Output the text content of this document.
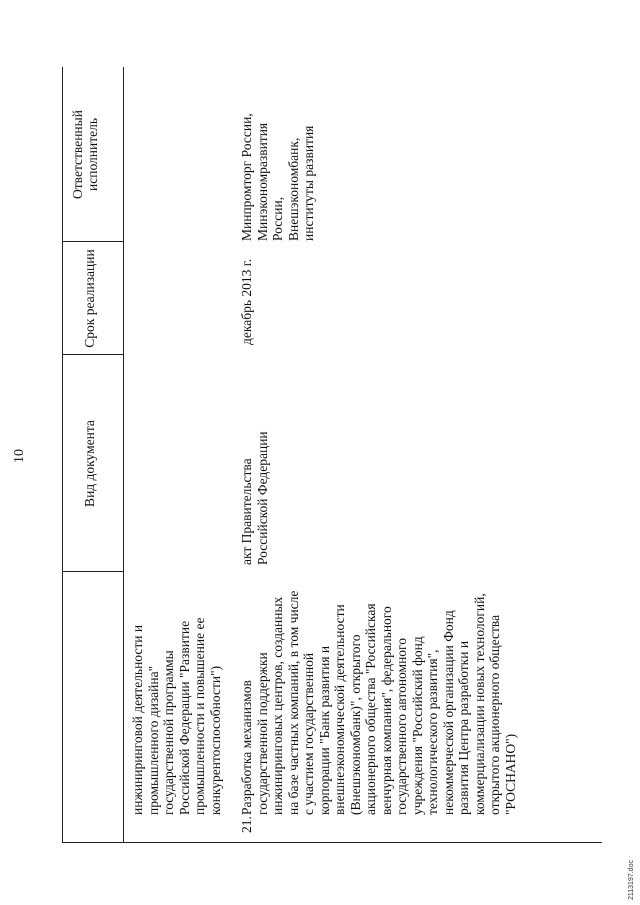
10	Вид документа
Срок реализации
Ответственный
исполнитель
инжиниринговой деятельности и
промышленного дизайна"
государственной программы
Российской Федерации "Развитие
промышленности и повышение ее
конкурентоспособности")
21.
Разработка механизмов
государственной поддержки
инжиниринговых центров, созданных
на базе частных компаний, в том числе
с участием государственной
корпорации "Банк развития и
внешнеэкономической деятельности
(Внешэкономбанк)", открытого
акционерного общества "Российская
венчурная компания", федерального
государственного автономного
учреждения "Российский фонд
технологического развития",
некоммерческой организации Фонд
развития Центра разработки и
коммерциализации новых технологий,
открытого акционерного общества
"РОСНАНО")
акт Правительства
Российской Федерации
декабрь 2013 г.
Минпромторг России,
Минэкономразвития
России,
Внешэкономбанк,
институты развития
2113197.doc
